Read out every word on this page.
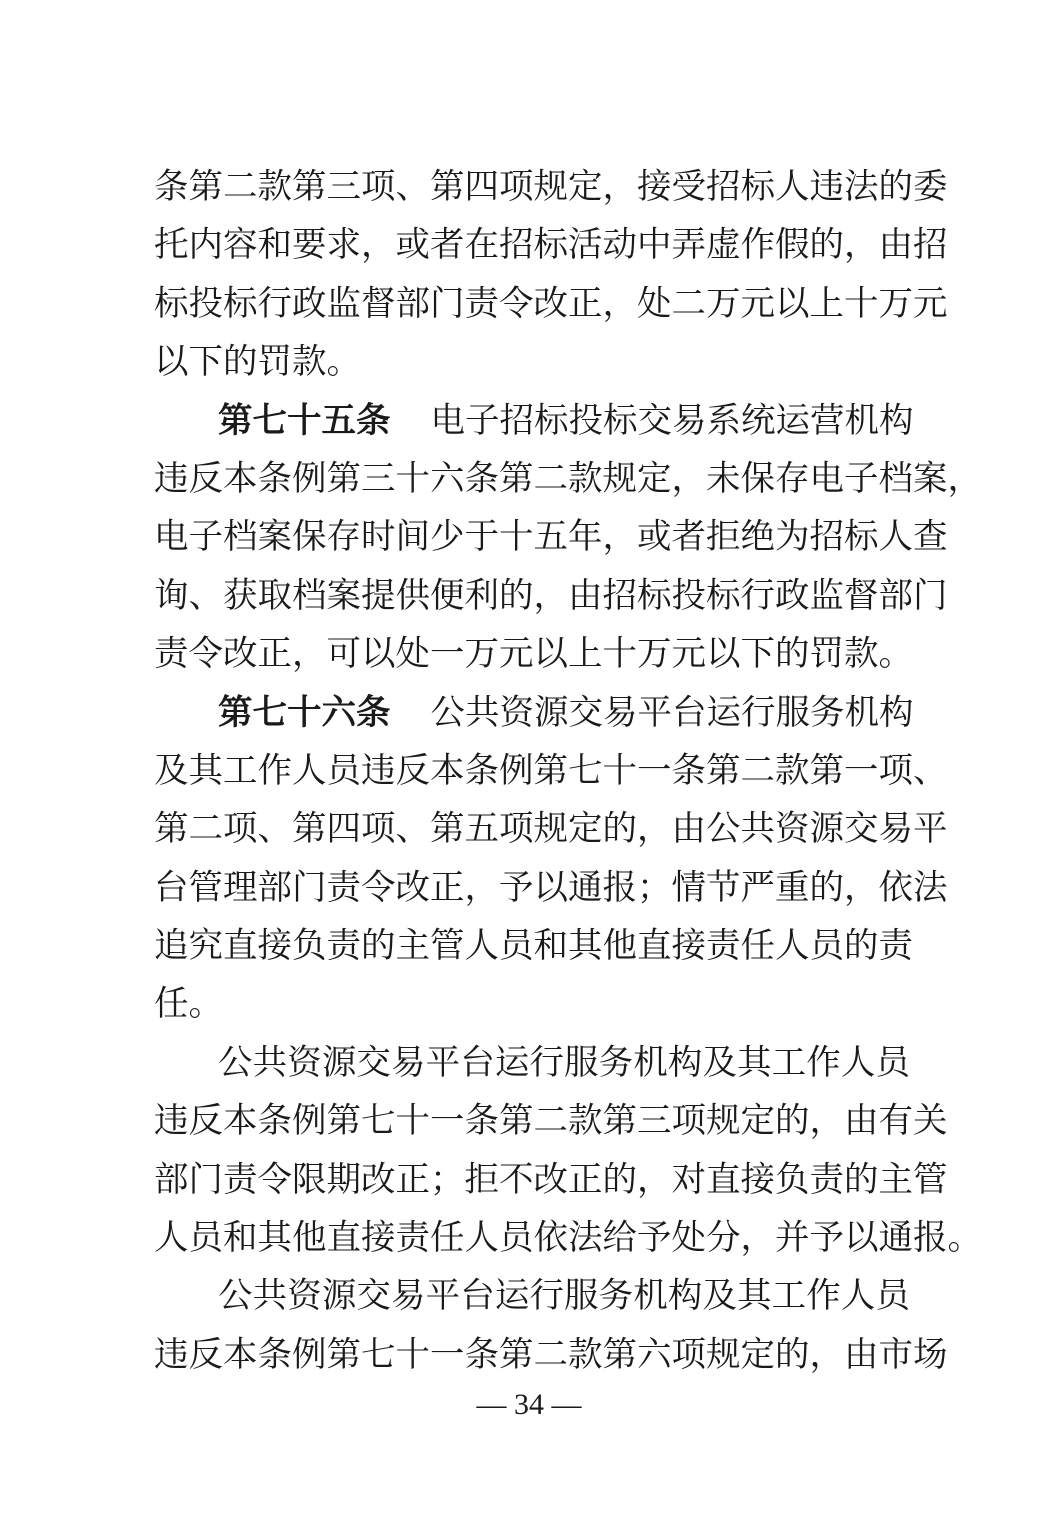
条第二款第三项、第四项规定，接受招标人违法的委
托内容和要求，或者在招标活动中弄虚作假的，由招
标投标行政监督部门责令改正，处二万元以上十万元
以下的罚款。
第七十五条 电子招标投标交易系统运营机构
违反本条例第三十六条第二款规定，未保存电子档案，
电子档案保存时间少于十五年，或者拒绝为招标人查
询、获取档案提供便利的，由招标投标行政监督部门
责令改正，可以处一万元以上十万元以下的罚款。
第七十六条 公共资源交易平台运行服务机构
及其工作人员违反本条例第七十一条第二款第一项、
第二项、第四项、第五项规定的，由公共资源交易平
台管理部门责令改正，予以通报；情节严重的，依法
追究直接负责的主管人员和其他直接责任人员的责
任。
公共资源交易平台运行服务机构及其工作人员
违反本条例第七十一条第二款第三项规定的，由有关
部门责令限期改正；拒不改正的，对直接负责的主管
人员和其他直接责任人员依法给予处分，并予以通报。
公共资源交易平台运行服务机构及其工作人员
违反本条例第七十一条第二款第六项规定的，由市场
— 34 —
